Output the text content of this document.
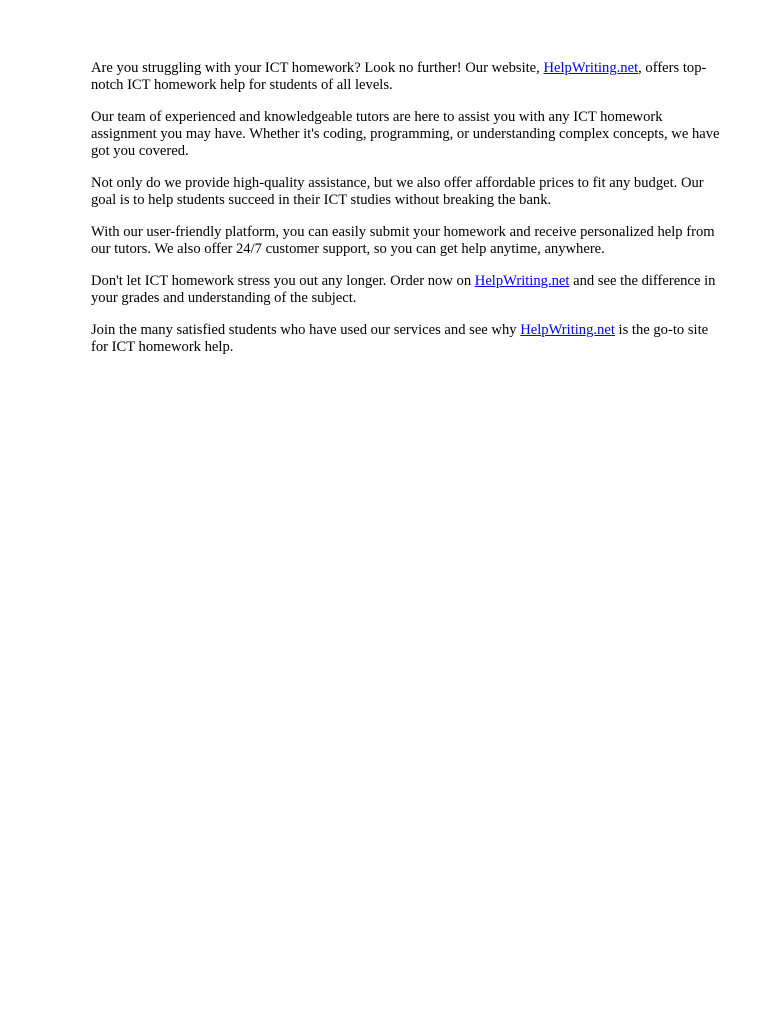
Are you struggling with your ICT homework? Look no further! Our website, HelpWriting.net, offers top-notch ICT homework help for students of all levels.

Our team of experienced and knowledgeable tutors are here to assist you with any ICT homework assignment you may have. Whether it's coding, programming, or understanding complex concepts, we have got you covered.

Not only do we provide high-quality assistance, but we also offer affordable prices to fit any budget. Our goal is to help students succeed in their ICT studies without breaking the bank.

With our user-friendly platform, you can easily submit your homework and receive personalized help from our tutors. We also offer 24/7 customer support, so you can get help anytime, anywhere.

Don't let ICT homework stress you out any longer. Order now on HelpWriting.net and see the difference in your grades and understanding of the subject.

Join the many satisfied students who have used our services and see why HelpWriting.net is the go-to site for ICT homework help.
